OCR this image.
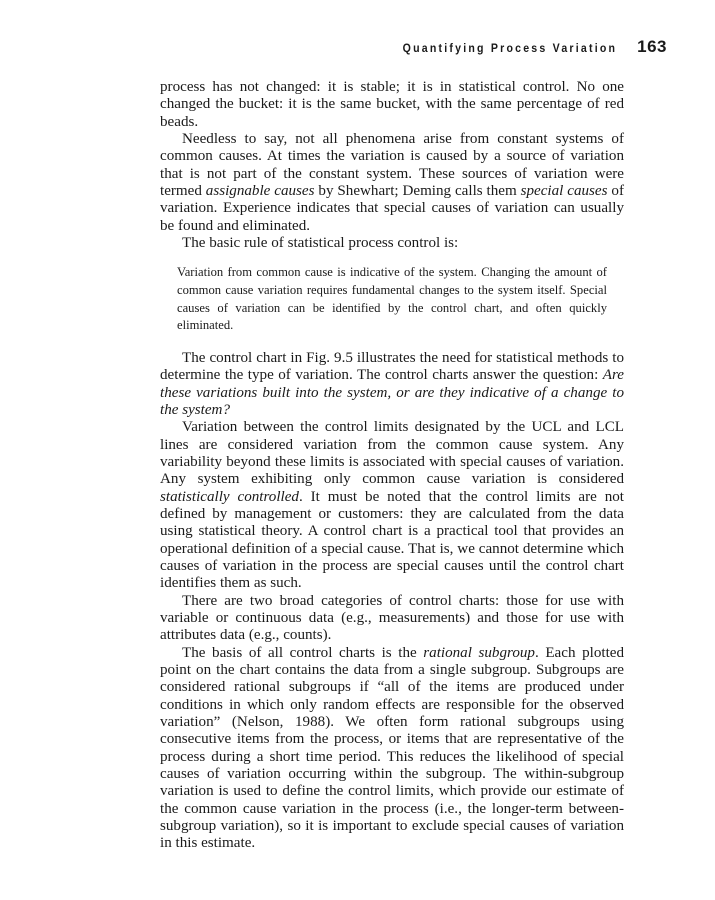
Quantifying Process Variation 163

process has not changed: it is stable; it is in statistical control. No one changed the bucket: it is the same bucket, with the same percentage of red beads.

Needless to say, not all phenomena arise from constant systems of common causes. At times the variation is caused by a source of variation that is not part of the constant system. These sources of variation were termed assignable causes by Shewhart; Deming calls them special causes of variation. Experience indicates that special causes of variation can usually be found and eliminated.

The basic rule of statistical process control is:

Variation from common cause is indicative of the system. Changing the amount of common cause variation requires fundamental changes to the system itself. Special causes of variation can be identified by the control chart, and often quickly eliminated.

The control chart in Fig. 9.5 illustrates the need for statistical methods to determine the type of variation. The control charts answer the question: Are these variations built into the system, or are they indicative of a change to the system?

Variation between the control limits designated by the UCL and LCL lines are considered variation from the common cause system. Any variability beyond these limits is associated with special causes of variation. Any system exhibiting only common cause variation is considered statistically controlled. It must be noted that the control limits are not defined by management or customers: they are calculated from the data using statistical theory. A control chart is a practical tool that provides an operational definition of a special cause. That is, we cannot determine which causes of variation in the process are special causes until the control chart identifies them as such.

There are two broad categories of control charts: those for use with variable or continuous data (e.g., measurements) and those for use with attributes data (e.g., counts).

The basis of all control charts is the rational subgroup. Each plotted point on the chart contains the data from a single subgroup. Subgroups are considered rational subgroups if “all of the items are produced under conditions in which only random effects are responsible for the observed variation” (Nelson, 1988). We often form rational subgroups using consecutive items from the process, or items that are representative of the process during a short time period. This reduces the likelihood of special causes of variation occurring within the subgroup. The within-subgroup variation is used to define the control limits, which provide our estimate of the common cause variation in the process (i.e., the longer-term between-subgroup variation), so it is important to exclude special causes of variation in this estimate.
